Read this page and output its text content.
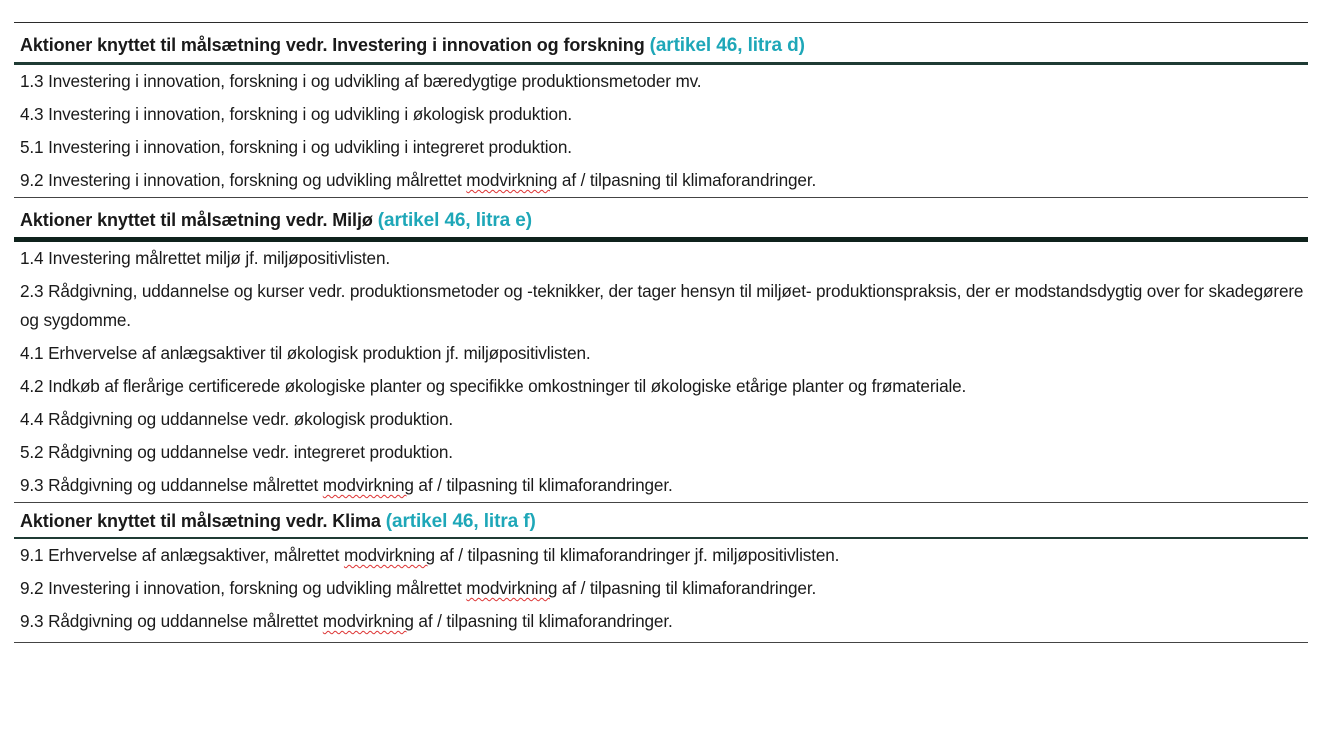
Aktioner knyttet til målsætning vedr. Investering i innovation og forskning (artikel 46, litra d)
1.3 Investering i innovation, forskning i og udvikling af bæredygtige produktionsmetoder mv.
4.3 Investering i innovation, forskning i og udvikling i økologisk produktion.
5.1 Investering i innovation, forskning i og udvikling i integreret produktion.
9.2 Investering i innovation, forskning og udvikling målrettet modvirkning af / tilpasning til klimaforandringer.
Aktioner knyttet til målsætning vedr. Miljø (artikel 46, litra e)
1.4 Investering målrettet miljø jf. miljøpositivlisten.
2.3 Rådgivning, uddannelse og kurser vedr. produktionsmetoder og -teknikker, der tager hensyn til miljøet- produktionspraksis, der er modstandsdygtig over for skadegørere og sygdomme.
4.1 Erhvervelse af anlægsaktiver til økologisk produktion jf. miljøpositivlisten.
4.2 Indkøb af flerårige certificerede økologiske planter og specifikke omkostninger til økologiske etårige planter og frømateriale.
4.4 Rådgivning og uddannelse vedr. økologisk produktion.
5.2 Rådgivning og uddannelse vedr. integreret produktion.
9.3 Rådgivning og uddannelse målrettet modvirkning af / tilpasning til klimaforandringer.
Aktioner knyttet til målsætning vedr. Klima (artikel 46, litra f)
9.1 Erhvervelse af anlægsaktiver, målrettet modvirkning af / tilpasning til klimaforandringer jf. miljøpositivlisten.
9.2 Investering i innovation, forskning og udvikling målrettet modvirkning af / tilpasning til klimaforandringer.
9.3 Rådgivning og uddannelse målrettet modvirkning af / tilpasning til klimaforandringer.
